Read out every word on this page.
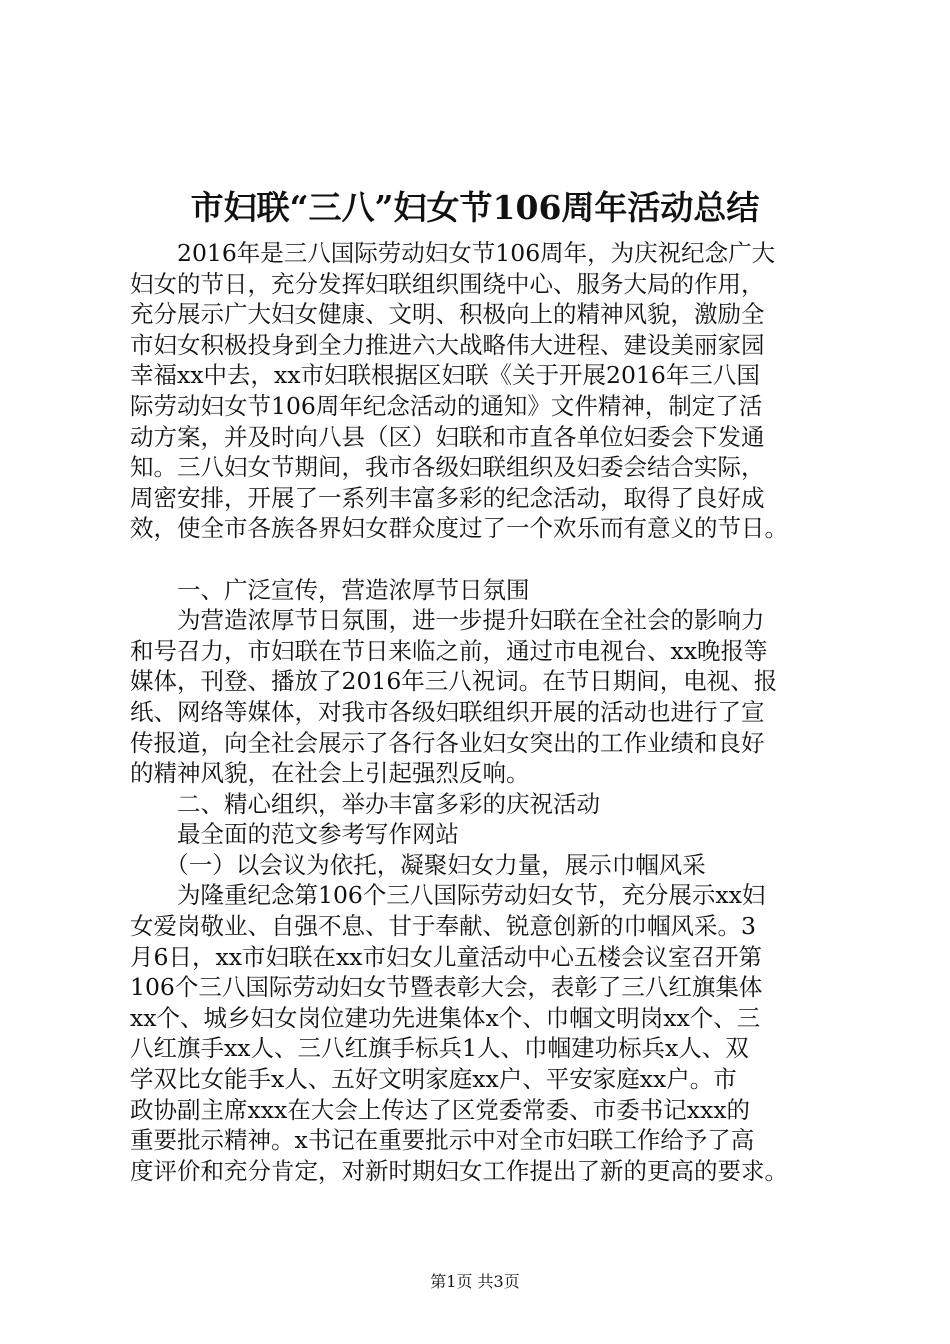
市妇联“三八”妇女节106周年活动总结

　　2016年是三八国际劳动妇女节106周年，为庆祝纪念广大

妇女的节日，充分发挥妇联组织围绕中心、服务大局的作用，

充分展示广大妇女健康、文明、积极向上的精神风貌，激励全

市妇女积极投身到全力推进六大战略伟大进程、建设美丽家园

幸福xx中去，xx市妇联根据区妇联《关于开展2016年三八国

际劳动妇女节106周年纪念活动的通知》文件精神，制定了活

动方案，并及时向八县（区）妇联和市直各单位妇委会下发通

知。三八妇女节期间，我市各级妇联组织及妇委会结合实际，

周密安排，开展了一系列丰富多彩的纪念活动，取得了良好成

效，使全市各族各界妇女群众度过了一个欢乐而有意义的节日。

　　一、广泛宣传，营造浓厚节日氛围

　　为营造浓厚节日氛围，进一步提升妇联在全社会的影响力

和号召力，市妇联在节日来临之前，通过市电视台、xx晚报等

媒体，刊登、播放了2016年三八祝词。在节日期间，电视、报

纸、网络等媒体，对我市各级妇联组织开展的活动也进行了宣

传报道，向全社会展示了各行各业妇女突出的工作业绩和良好

的精神风貌，在社会上引起强烈反响。

　　二、精心组织，举办丰富多彩的庆祝活动

　　最全面的范文参考写作网站

　　（一）以会议为依托，凝聚妇女力量，展示巾帼风采

　　为隆重纪念第106个三八国际劳动妇女节，充分展示xx妇

女爱岗敬业、自强不息、甘于奉献、锐意创新的巾帼风采。3

月6日，xx市妇联在xx市妇女儿童活动中心五楼会议室召开第

106个三八国际劳动妇女节暨表彰大会，表彰了三八红旗集体

xx个、城乡妇女岗位建功先进集体x个、巾帼文明岗xx个、三

八红旗手xx人、三八红旗手标兵1人、巾帼建功标兵x人、双

学双比女能手x人、五好文明家庭xx户、平安家庭xx户。市

政协副主席xxx在大会上传达了区党委常委、市委书记xxx的

重要批示精神。x书记在重要批示中对全市妇联工作给予了高

度评价和充分肯定，对新时期妇女工作提出了新的更高的要求。

第1页 共3页
